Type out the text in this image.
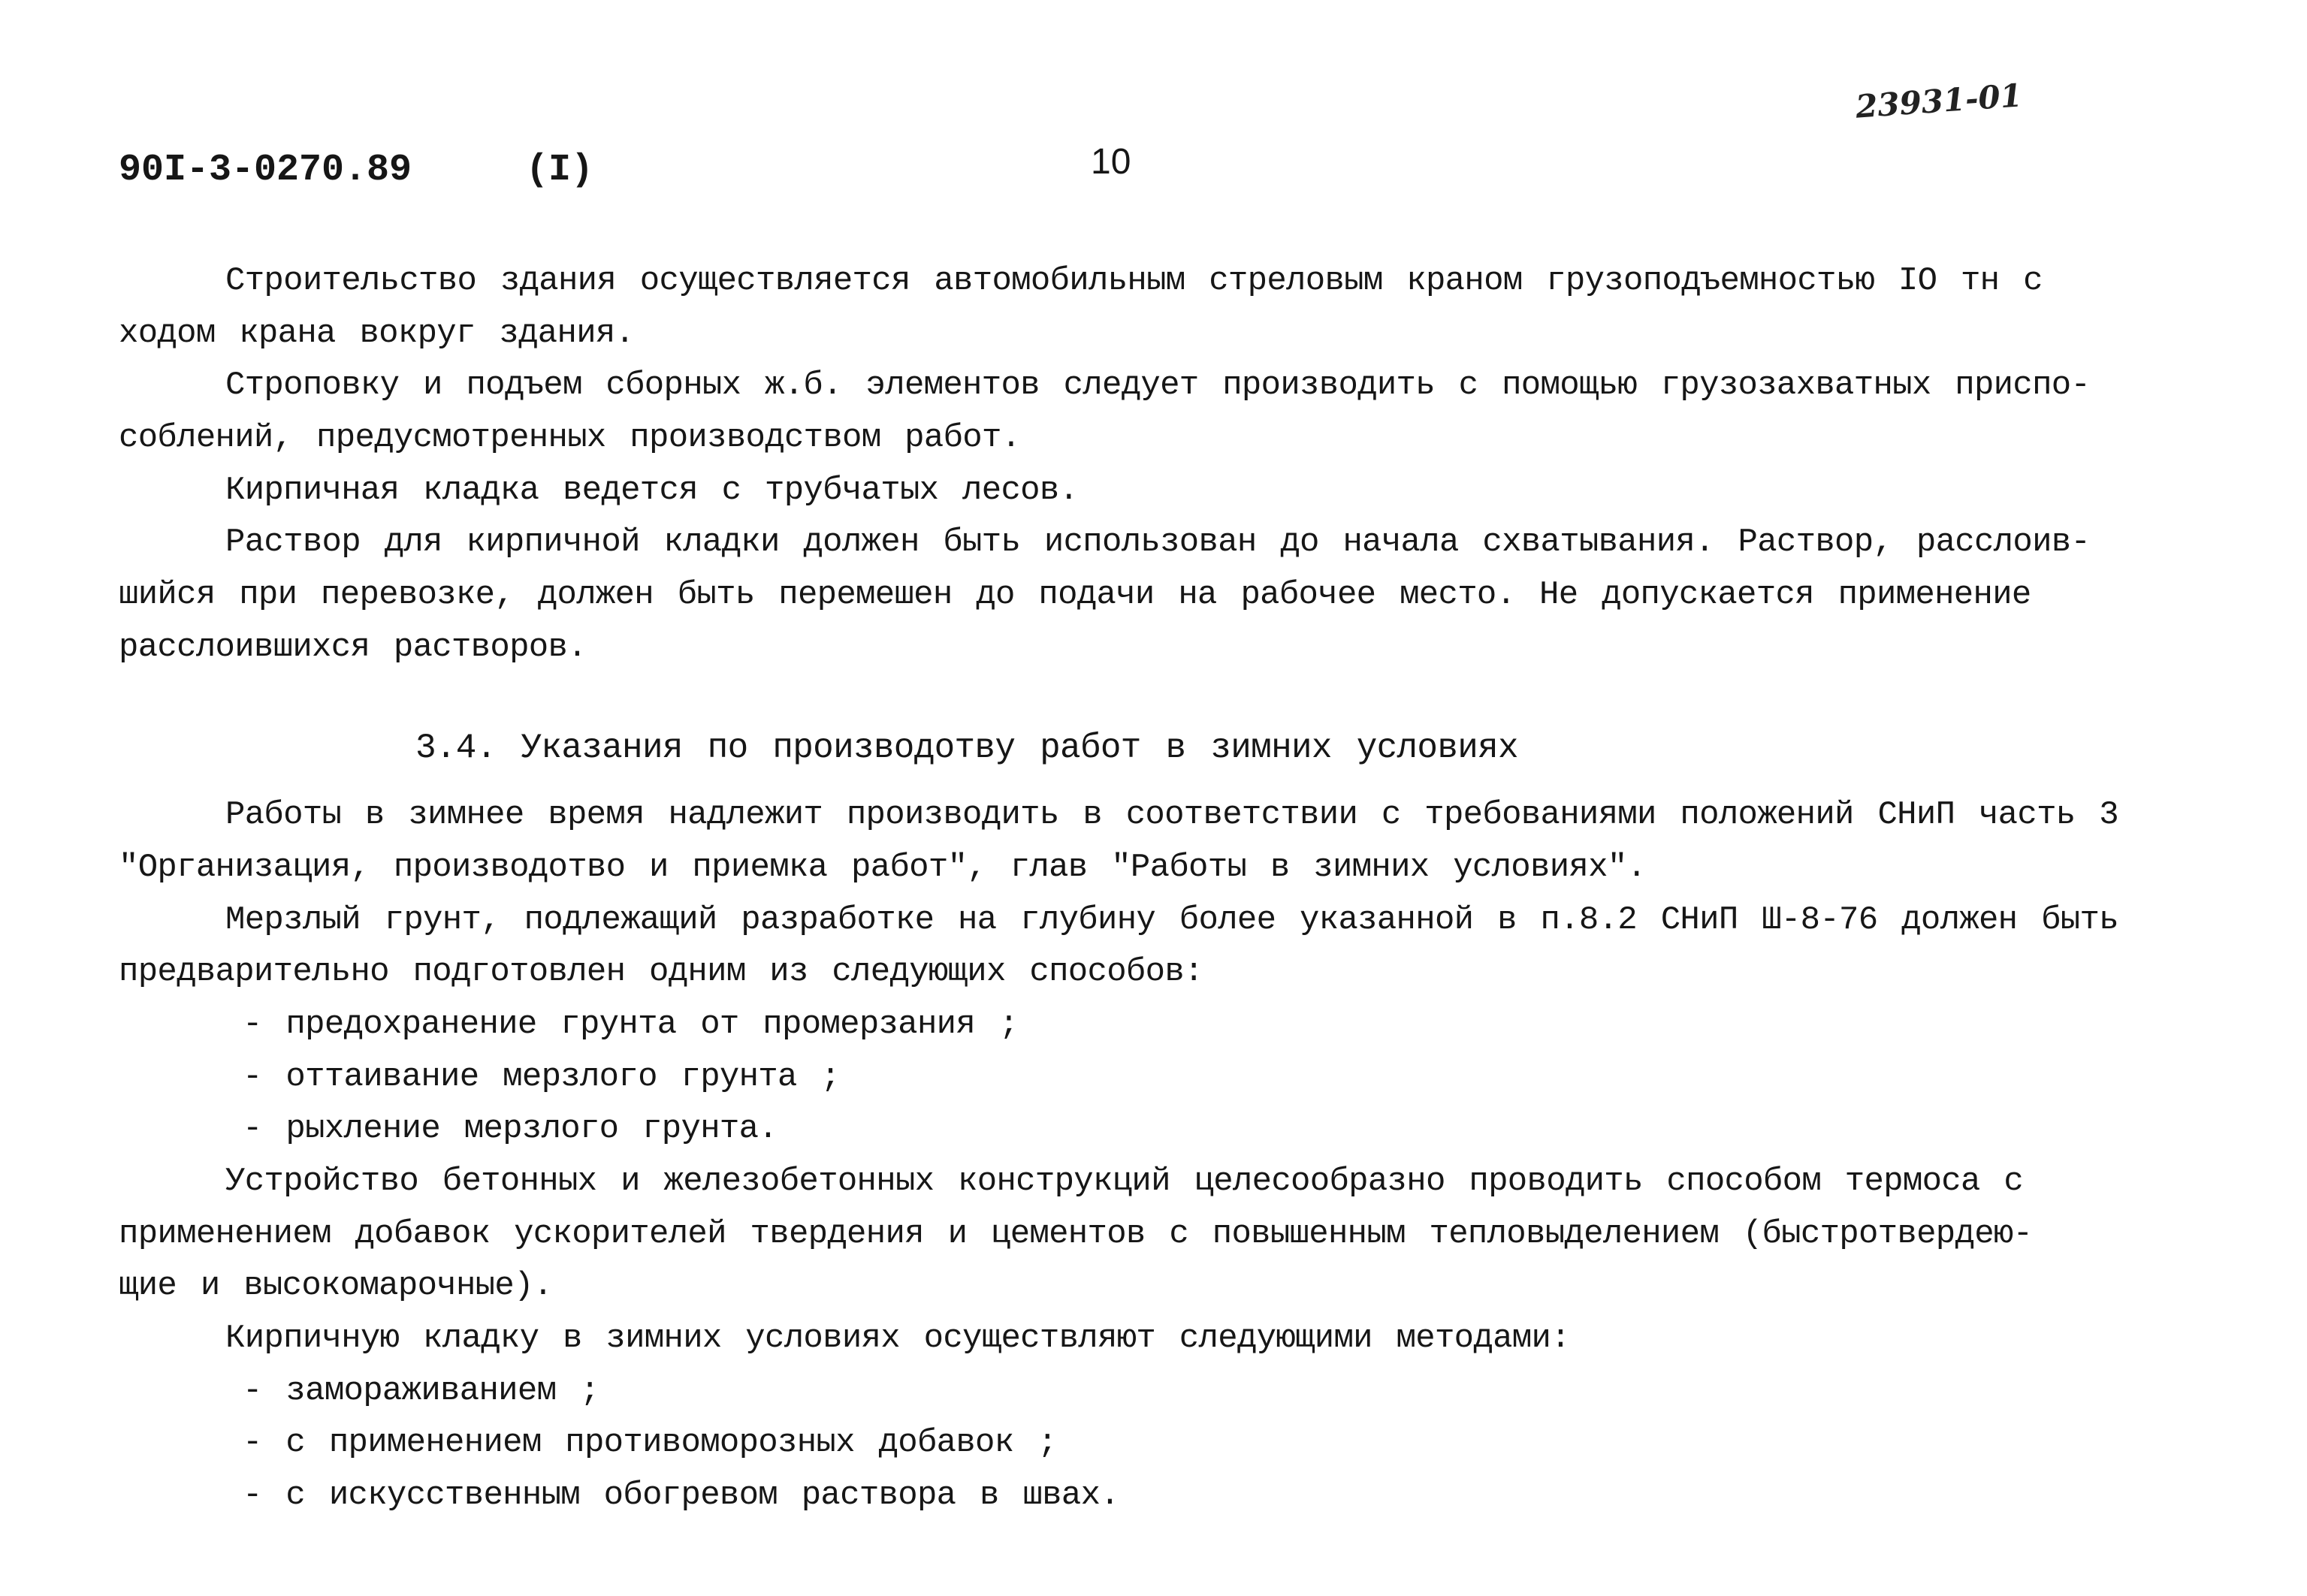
23931-01
90I-3-0270.89	(I)	10
Строительство здания осуществляется автомобильным стреловым краном грузоподъемностью IO тн с
ходом крана вокруг здания.
Строповку и подъем сборных ж.б. элементов следует производить с помощью грузозахватных приспо-
соблений, предусмотренных производством работ.
Кирпичная кладка ведется с трубчатых лесов.
Раствор для кирпичной кладки должен быть использован до начала схватывания. Раствор, расслоив-
шийся при перевозке, должен быть перемешен до подачи на рабочее место. Не допускается применение
расслоившихся растворов.
3.4. Указания по производотву работ в зимних условиях
Работы в зимнее время надлежит производить в соответствии с требованиями положений СНиП часть 3
"Организация, производотво и приемка работ", глав "Работы в зимних условиях".
Мерзлый грунт, подлежащий разработке на глубину более указанной в п.8.2 СНиП Ш-8-76 должен быть
предварительно подготовлен одним из следующих способов:
- предохранение грунта от промерзания ;
- оттаивание мерзлого грунта ;
- рыхление мерзлого грунта.
Устройство бетонных и железобетонных конструкций целесообразно проводить способом термоса с
применением добавок ускорителей твердения и цементов с повышенным тепловыделением (быстротвердею-
щие и высокомарочные).
Кирпичную кладку в зимних условиях осуществляют следующими методами:
- замораживанием ;
- с применением противоморозных добавок ;
- с искусственным обогревом раствора в швах.
